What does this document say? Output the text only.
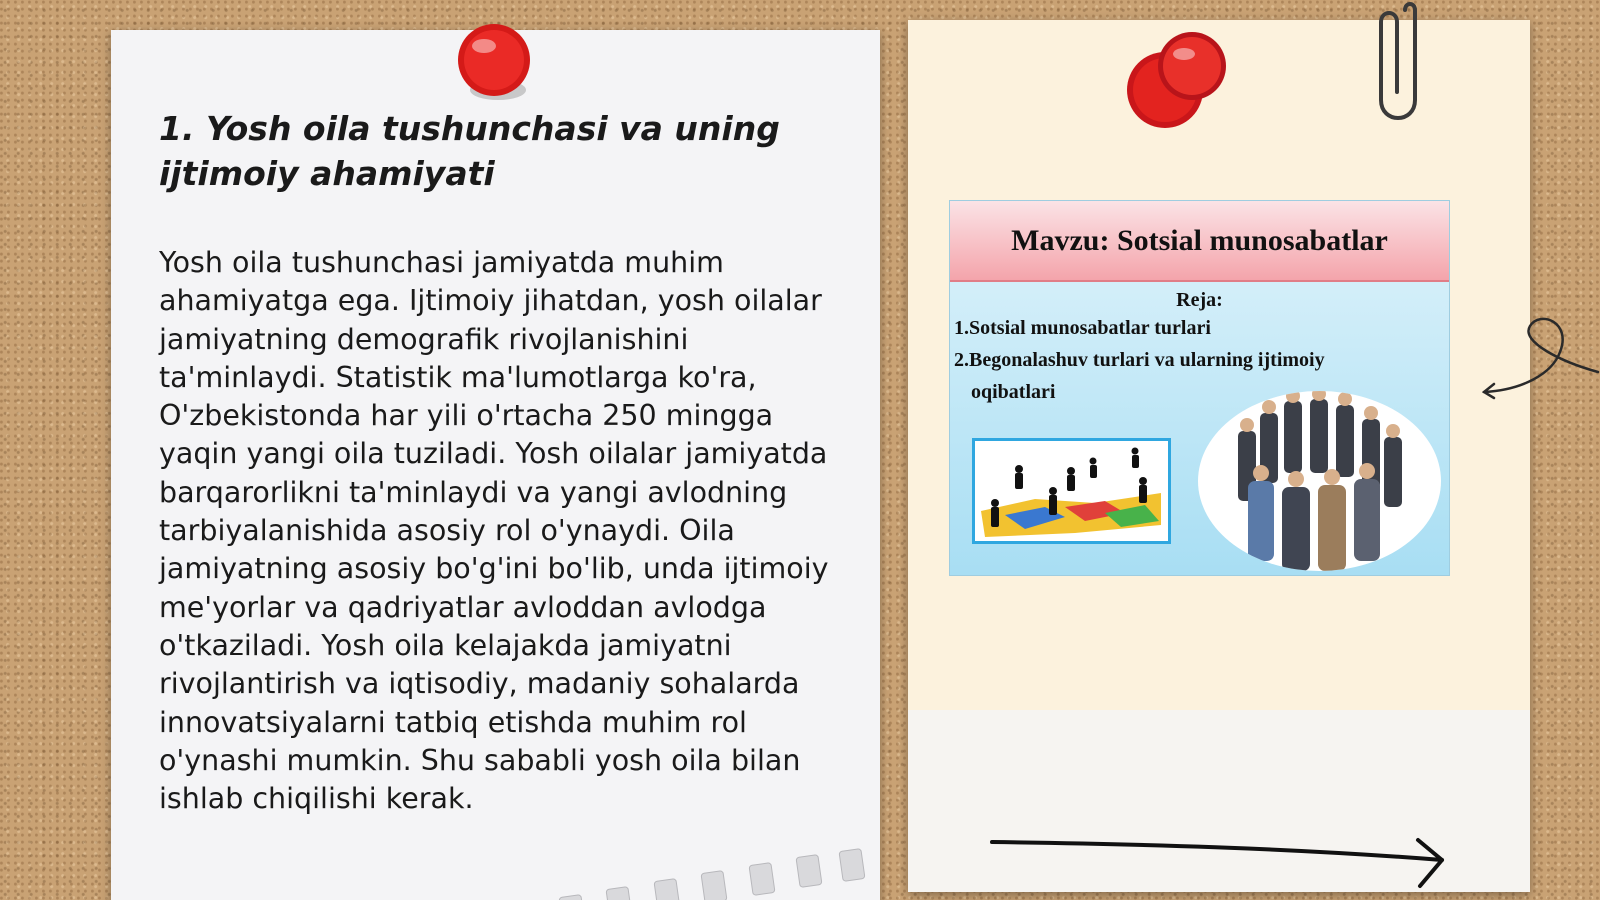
1. Yosh oila tushunchasi va uning ijtimoiy ahamiyati

Yosh oila tushunchasi jamiyatda muhim ahamiyatga ega. Ijtimoiy jihatdan, yosh oilalar jamiyatning demografik rivojlanishini ta'minlaydi. Statistik ma'lumotlarga ko'ra, O'zbekistonda har yili o'rtacha 250 mingga yaqin yangi oila tuziladi. Yosh oilalar jamiyatda barqarorlikni ta'minlaydi va yangi avlodning tarbiyalanishida asosiy rol o'ynaydi. Oila jamiyatning asosiy bo'g'ini bo'lib, unda ijtimoiy me'yorlar va qadriyatlar avloddan avlodga o'tkaziladi. Yosh oila kelajakda jamiyatni rivojlantirish va iqtisodiy, madaniy sohalarda innovatsiyalarni tatbiq etishda muhim rol o'ynashi mumkin. Shu sababli yosh oila bilan ishlab chiqilishi kerak.

Mavzu: Sotsial munosabatlar
Reja:
1.Sotsial munosabatlar turlari
2.Begonalashuv turlari va ularning ijtimoiy
oqibatlari
